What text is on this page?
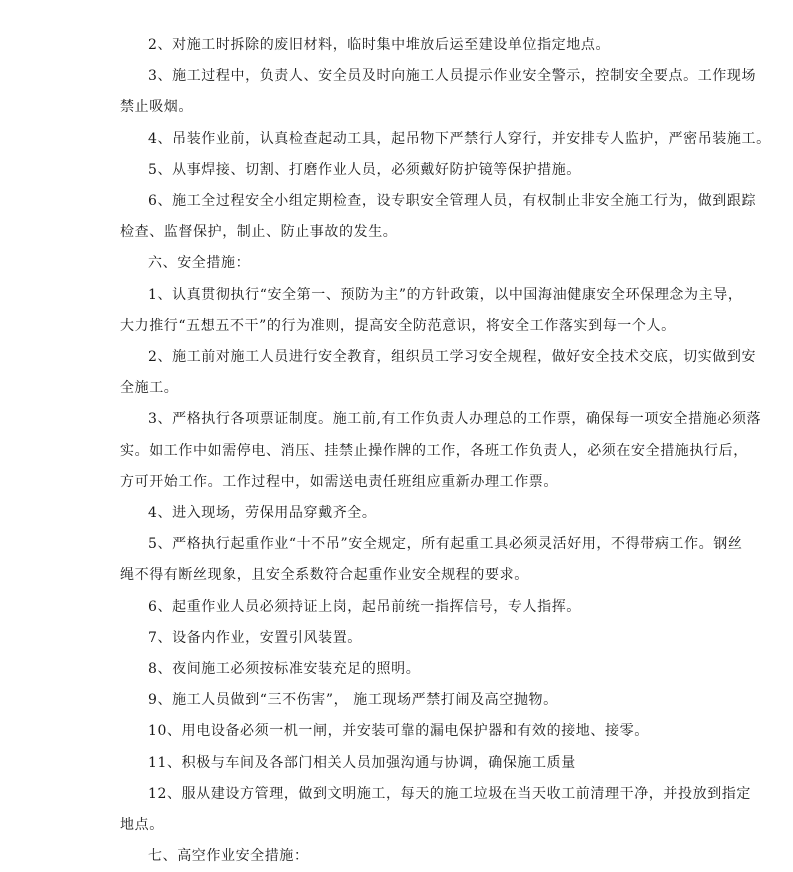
2、对施工时拆除的废旧材料，临时集中堆放后运至建设单位指定地点。

3、施工过程中，负责人、安全员及时向施工人员提示作业安全警示，控制安全要点。工作现场
禁止吸烟。

4、吊装作业前，认真检查起动工具，起吊物下严禁行人穿行，并安排专人监护，严密吊装施工。

5、从事焊接、切割、打磨作业人员，必须戴好防护镜等保护措施。

6、施工全过程安全小组定期检查，设专职安全管理人员，有权制止非安全施工行为，做到跟踪
检查、监督保护，制止、防止事故的发生。

六、安全措施：

1、认真贯彻执行“安全第一、预防为主”的方针政策，以中国海油健康安全环保理念为主导，
大力推行“五想五不干”的行为准则，提高安全防范意识，将安全工作落实到每一个人。

2、施工前对施工人员进行安全教育，组织员工学习安全规程，做好安全技术交底，切实做到安
全施工。

3、严格执行各项票证制度。施工前,有工作负责人办理总的工作票，确保每一项安全措施必须落
实。如工作中如需停电、消压、挂禁止操作牌的工作，各班工作负责人，必须在安全措施执行后，
方可开始工作。工作过程中，如需送电责任班组应重新办理工作票。

4、进入现场，劳保用品穿戴齐全。

5、严格执行起重作业“十不吊”安全规定，所有起重工具必须灵活好用，不得带病工作。钢丝
绳不得有断丝现象，且安全系数符合起重作业安全规程的要求。

6、起重作业人员必须持证上岗，起吊前统一指挥信号，专人指挥。

7、设备内作业，安置引风装置。

8、夜间施工必须按标准安装充足的照明。

9、施工人员做到“三不伤害”， 施工现场严禁打闹及高空抛物。

10、用电设备必须一机一闸，并安装可靠的漏电保护器和有效的接地、接零。

11、积极与车间及各部门相关人员加强沟通与协调，确保施工质量

12、服从建设方管理，做到文明施工，每天的施工垃圾在当天收工前清理干净，并投放到指定
地点。

七、高空作业安全措施：
